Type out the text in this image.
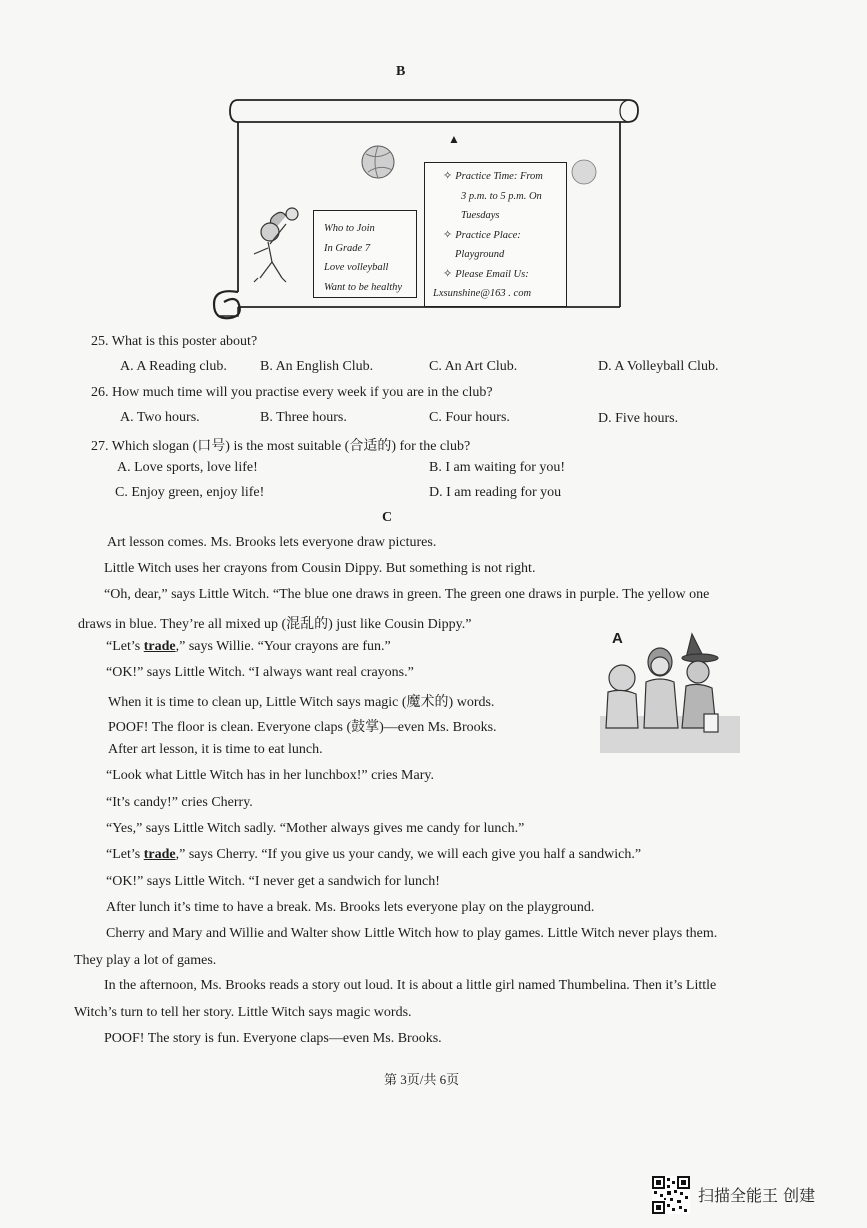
B
▲
Who to Join
In Grade 7
Love volleyball
Want to be healthy
✧ Practice Time: From
3 p.m. to 5 p.m. On
Tuesdays
✧ Practice Place:
Playground
✧ Please Email Us:
Lxsunshine@163 . com
25. What is this poster about?
A. A Reading club. B. An English Club.	C. An Art Club.	D. A Volleyball Club.
26. How much time will you practise every week if you are in the club?
A. Two hours.	B. Three hours.	C. Four hours.	D. Five hours.
27. Which slogan (口号) is the most suitable (合适的) for the club?
A. Love sports, love life!	B. I am waiting for you!
C. Enjoy green, enjoy life!	D. I am reading for you
C

Art lesson comes. Ms. Brooks lets everyone draw pictures.

Little Witch uses her crayons from Cousin Dippy. But something is not right.

“Oh, dear,” says Little Witch. “The blue one draws in green. The green one draws in purple. The yellow one

draws in blue. They’re all mixed up (混乱的) just like Cousin Dippy.”

“Let’s trade,” says Willie. “Your crayons are fun.”

“OK!” says Little Witch. “I always want real crayons.”

When it is time to clean up, Little Witch says magic (魔术的) words.

POOF! The floor is clean. Everyone claps (鼓掌)—even Ms. Brooks.

After art lesson, it is time to eat lunch.

“Look what Little Witch has in her lunchbox!” cries Mary.

“It’s candy!” cries Cherry.

“Yes,” says Little Witch sadly. “Mother always gives me candy for lunch.”

“Let’s trade,” says Cherry. “If you give us your candy, we will each give you half a sandwich.”

“OK!” says Little Witch. “I never get a sandwich for lunch!

After lunch it’s time to have a break. Ms. Brooks lets everyone play on the playground.

Cherry and Mary and Willie and Walter show Little Witch how to play games. Little Witch never plays them.

They play a lot of games.

In the afternoon, Ms. Brooks reads a story out loud. It is about a little girl named Thumbelina. Then it’s Little

Witch’s turn to tell her story. Little Witch says magic words.

POOF! The story is fun. Everyone claps—even Ms. Brooks.

A
第 3页/共 6页
扫描全能王 创建
